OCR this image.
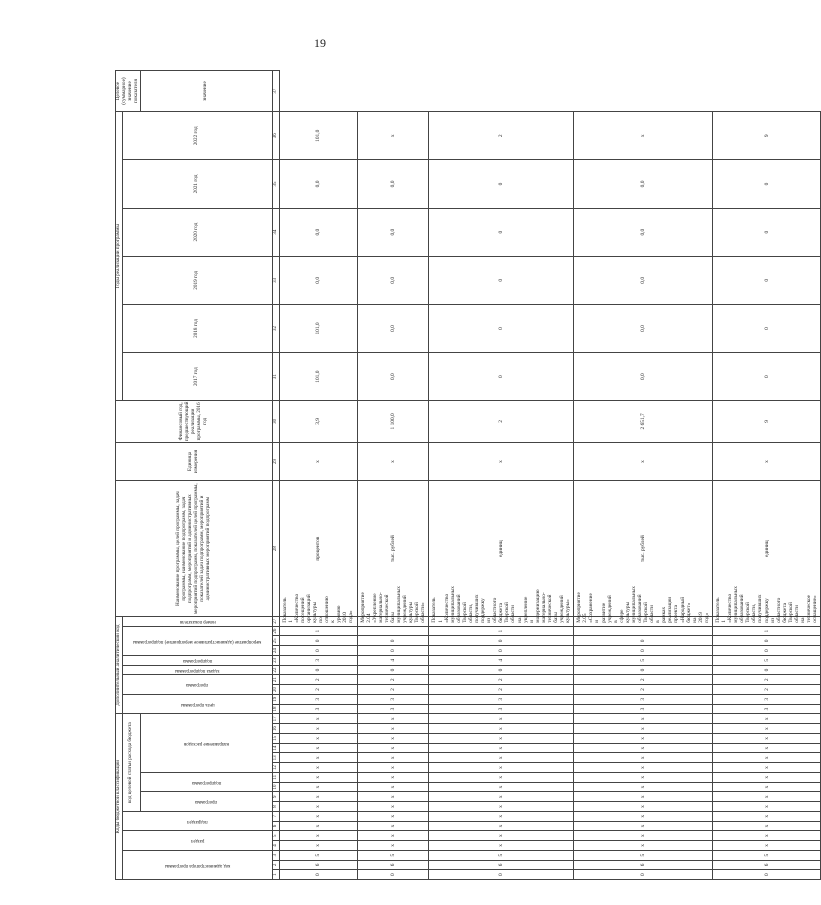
19
Коды бюджетной классификации																	Дополнительный аналитический код										Наименование программы, целей программы, задач программы, наименование подпрограмм, задач подпрограмм, мероприятий и административных мероприятий подпрограмм, показателей целей программы, показателей задач подпрограмм, мероприятий и административных мероприятий подпрограмм	Единица измерения	Финансовый год, предшествующий реализации программы, 2016 год	Годы реализации программы						Целевое (суммарное) значение показателя

код администратора программы			раздел		подраздел		код целевой статьи расхода бюджета										цель программы		программа		задача подпрограммы	подпрограмма	мероприятие (административное мероприятие) подпрограммы			номер показателя				2017 год	2018 год	2019 год	2020 год	2021 год	2022 год	

							программа		подпрограмма		направление расходов																									значение
1	2	3	4	5	6	7	8	9	10	11	12	13	14	15	16	17	18	19	20	21	22	23	24	25	26	27	28	29	30	31	32	33	34	35	36	37
0	6	5	х	х	х	х	х	х	х	х	х	х	х	х	х	х	3	3	2	2	0	3	0	0	1	Показатель 1 «Количество посещений организаций культуры по отношению к уровню 2010 года»	процентов	х	3,9	101,0	101,0	0,0	0,0	0,0	101,0	
0	6	5	х	х	х	х	х	х	х	х	х	х	х	х	х	х	3	3	2	2	0	4	0	0		Мероприятие 2.04 «Укрепление материально-технической базы муниципальных учреждений культуры Тверской области»	тыс. рублей	х	1 100,0	0,0	0,0	0,0	0,0	0,0	х	
0	6	5	х	х	х	х	х	х	х	х	х	х	х	х	х	х	3	3	2	2	0	4	0	0	1	Показатель 1 «Количество муниципальных образований Тверской области, получивших поддержку из областного бюджета Тверской области на укрепление и модернизацию материально-технической базы учреждений культуры»	единиц	х	2	0	0	0	0	0	2	
0	6	5	х	х	х	х	х	х	х	х	х	х	х	х	х	х	3	3	2	2	0	5	0	0		Мероприятие 2.05 «Сохранение и развитие учреждений в сфере культуры муниципальных образований Тверской области в рамках реализации проекта «Народный бюджет» на 2019 год»	тыс. рублей	х	2 651,7	0,0	0,0	0,0	0,0	0,0	х	
0	6	5	х	х	х	х	х	х	х	х	х	х	х	х	х	х	3	3	2	2	0	5	0	0	1	Показатель 1 «Количество муниципальных образований Тверской области, получивших поддержку из областного бюджета Тверской области на техническое оснащение»	единиц	х	9	0	0	0	0	0	9	
